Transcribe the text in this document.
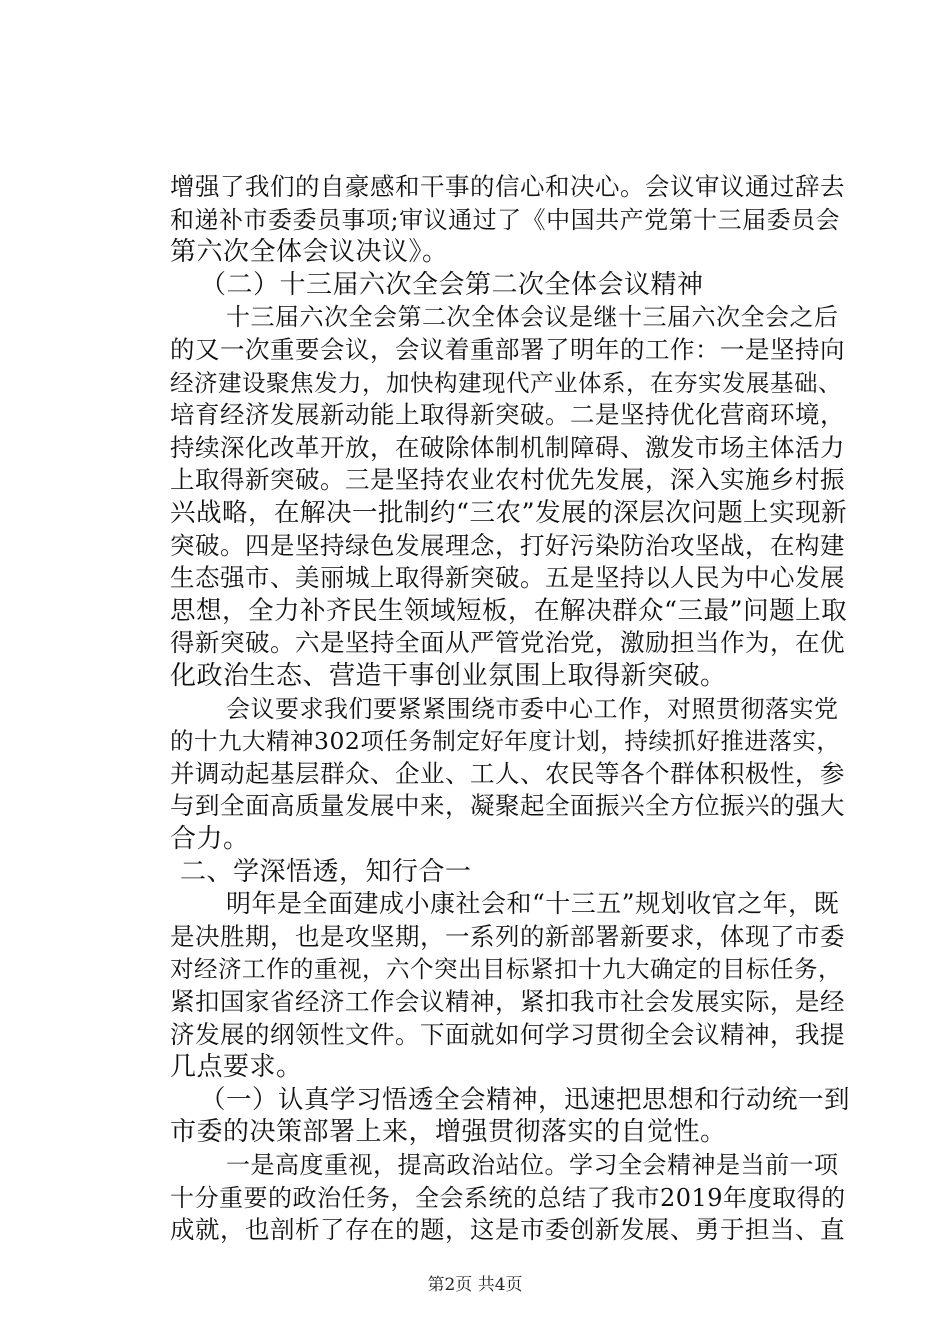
增强了我们的自豪感和干事的信心和决心。会议审议通过辞去
和递补市委委员事项;审议通过了《中国共产党第十三届委员会
第六次全体会议决议》。
（二）十三届六次全会第二次全体会议精神
十三届六次全会第二次全体会议是继十三届六次全会之后
的又一次重要会议，会议着重部署了明年的工作：一是坚持向
经济建设聚焦发力，加快构建现代产业体系，在夯实发展基础、
培育经济发展新动能上取得新突破。二是坚持优化营商环境，
持续深化改革开放，在破除体制机制障碍、激发市场主体活力
上取得新突破。三是坚持农业农村优先发展，深入实施乡村振
兴战略，在解决一批制约“三农”发展的深层次问题上实现新
突破。四是坚持绿色发展理念，打好污染防治攻坚战，在构建
生态强市、美丽城上取得新突破。五是坚持以人民为中心发展
思想，全力补齐民生领域短板，在解决群众“三最”问题上取
得新突破。六是坚持全面从严管党治党，激励担当作为，在优
化政治生态、营造干事创业氛围上取得新突破。
会议要求我们要紧紧围绕市委中心工作，对照贯彻落实党
的十九大精神302项任务制定好年度计划，持续抓好推进落实，
并调动起基层群众、企业、工人、农民等各个群体积极性，参
与到全面高质量发展中来，凝聚起全面振兴全方位振兴的强大
合力。
二、学深悟透，知行合一
明年是全面建成小康社会和“十三五”规划收官之年，既
是决胜期，也是攻坚期，一系列的新部署新要求，体现了市委
对经济工作的重视，六个突出目标紧扣十九大确定的目标任务，
紧扣国家省经济工作会议精神，紧扣我市社会发展实际，是经
济发展的纲领性文件。下面就如何学习贯彻全会议精神，我提
几点要求。
（一）认真学习悟透全会精神，迅速把思想和行动统一到
市委的决策部署上来，增强贯彻落实的自觉性。
一是高度重视，提高政治站位。学习全会精神是当前一项
十分重要的政治任务，全会系统的总结了我市2019年度取得的
成就，也剖析了存在的题，这是市委创新发展、勇于担当、直
第2页 共4页
